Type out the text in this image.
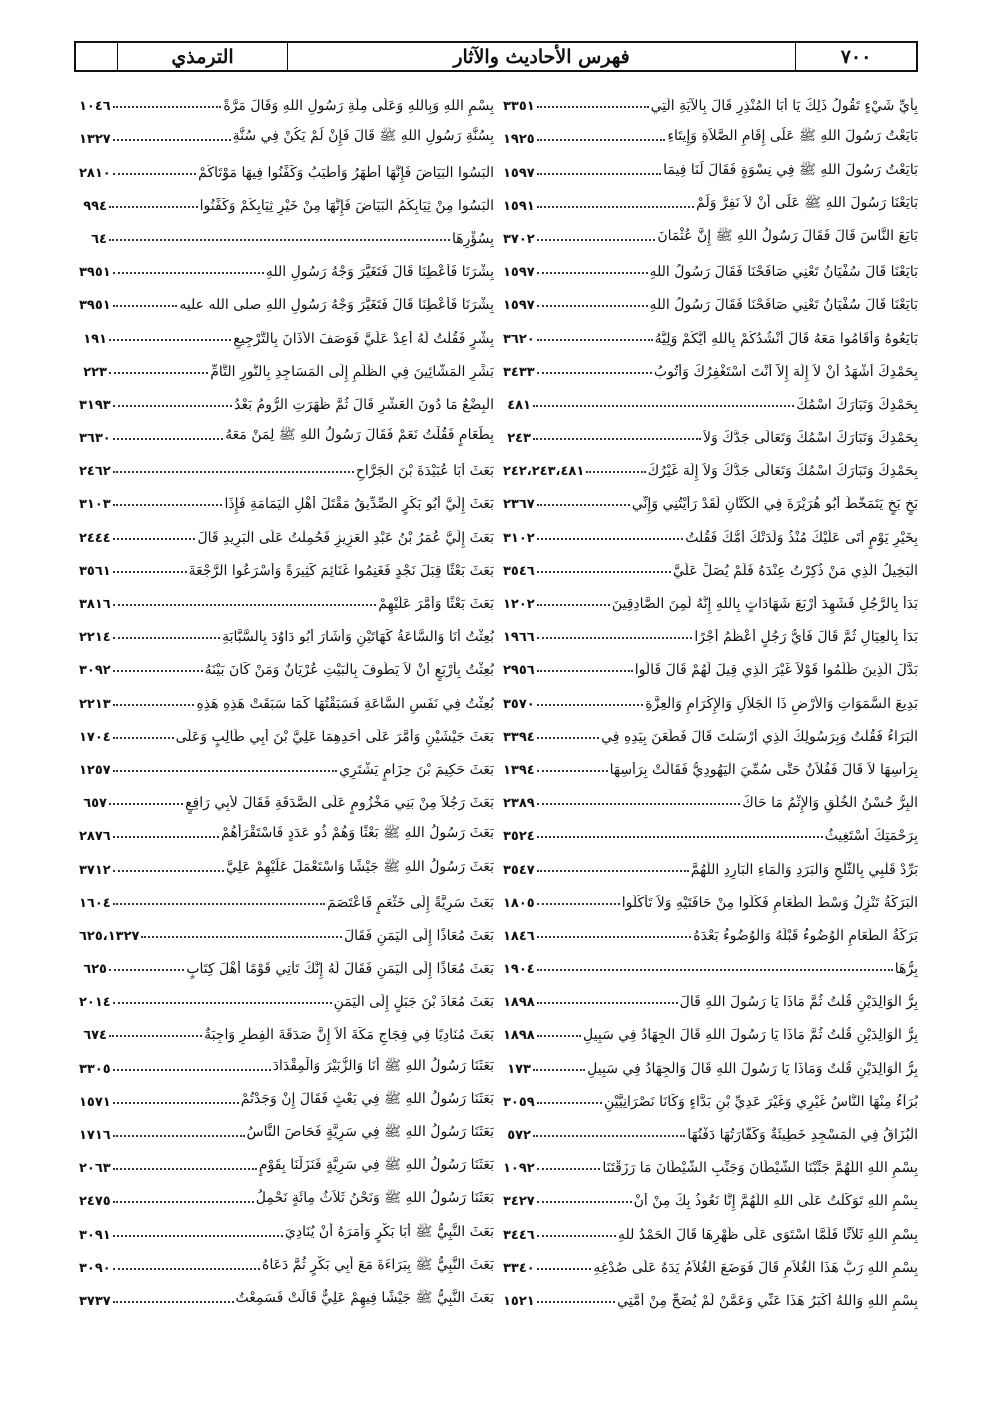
الترمذي	فهرس الأحاديث والآثار	٧٠٠
٣٣٥١	بِأَيِّ شَيْءٍ تَقُولُ ذَلِكَ يَا أَبَا الْمُنْذِرِ قَالَ بِالآيَةِ الَّتِي
١٩٢٥	بَايَعْتُ رَسُولَ اللهِ ﷺ عَلَى إِقَامِ الصَّلاَةِ وَإِيتَاءِ
١٥٩٧	بَايَعْتُ رَسُولَ اللهِ ﷺ فِي نِسْوَةٍ فَقَالَ لَنَا فِيمَا
١٥٩١	بَايَعْنَا رَسُولَ اللهِ ﷺ عَلَى أَنْ لاَ نَفِرَّ وَلَمْ
٣٧٠٢	بَايَعَ النَّاسَ قَالَ فَقَالَ رَسُولُ اللهِ ﷺ إِنَّ عُثْمَانَ
١٥٩٧	بَايَعْنَا قَالَ سُفْيَانُ تَعْنِي صَافَحْنَا فَقَالَ رَسُولُ اللهِ
١٥٩٧	بَايَعْنَا قَالَ سُفْيَانُ تَعْنِي صَافَحْنَا فَقَالَ رَسُولُ اللهِ
٣٦٢٠	بَايَعُوهُ وَأَقَامُوا مَعَهُ قَالَ أَنْشُدُكُمْ بِاللهِ أَيُّكُمْ وَلِيُّهُ
٣٤٣٣	بِحَمْدِكَ أَشْهَدُ أَنْ لاَ إِلَهَ إِلاَّ أَنْتَ أَسْتَغْفِرُكَ وَأَتُوبُ
٤٨١	بِحَمْدِكَ وَتَبَارَكَ اسْمُكَ
٢٤٣	بِحَمْدِكَ وَتَبَارَكَ اسْمُكَ وَتَعَالَى جَدُّكَ وَلاَ
٢٤٢،٢٤٣،٤٨١	بِحَمْدِكَ وَتَبَارَكَ اسْمُكَ وَتَعَالَى جَدُّكَ وَلاَ إِلَهَ غَيْرُكَ
٢٣٦٧	بَخٍ بَخٍ يَتَمَخَّطُ أَبُو هُرَيْرَةَ فِي الْكَتَّانِ لَقَدْ رَأَيْتُنِي وَإِنِّي
٣١٠٢	بِخَيْرِ يَوْمٍ أَتَى عَلَيْكَ مُنْذُ وَلَدَتْكَ أُمُّكَ فَقُلْتُ
٣٥٤٦	الْبَخِيلُ الَّذِي مَنْ ذُكِرْتُ عِنْدَهُ فَلَمْ يُصَلِّ عَلَيَّ
١٢٠٢	بَدَأَ بِالرَّجُلِ فَشَهِدَ أَرْبَعَ شَهَادَاتٍ بِاللهِ إِنَّهُ لَمِنَ الصَّادِقِينَ
١٩٦٦	بَدَأَ بِالْعِيَالِ ثُمَّ قَالَ فَأَيُّ رَجُلٍ أَعْظَمُ أَجْرًا
٢٩٥٦	بَدَّلَ الَّذِينَ ظَلَمُوا قَوْلاً غَيْرَ الَّذِي قِيلَ لَهُمْ قَالَ قَالُوا
٣٥٧٠	بَدِيعَ السَّمَوَاتِ وَالأَرْضِ ذَا الْجَلاَلِ وَالإِكْرَامِ وَالْعِزَّةِ
٣٣٩٤	الْبَرَاءُ فَقُلْتُ وَبِرَسُولِكَ الَّذِي أَرْسَلْتَ قَالَ فَطَعَنَ بِيَدِهِ فِي
١٣٩٤	بِرَأْسِهَا لاَ قَالَ فَفُلاَنٌ حَتَّى سُمِّيَ الْيَهُودِيُّ فَقَالَتْ بِرَأْسِهَا
٢٣٨٩	الْبِرُّ حُسْنُ الْخُلُقِ وَالإِثْمُ مَا حَاكَ
٣٥٢٤	بِرَحْمَتِكَ أَسْتَغِيثُ
٣٥٤٧	بَرِّدْ قَلْبِي بِالثَّلْجِ وَالْبَرَدِ وَالْمَاءِ الْبَارِدِ اللَّهُمَّ
١٨٠٥	الْبَرَكَةُ تَنْزِلُ وَسْطَ الطَّعَامِ فَكُلُوا مِنْ حَافَتَيْهِ وَلاَ تَأْكُلُوا
١٨٤٦	بَرَكَةُ الطَّعَامِ الْوُضُوءُ قَبْلَهُ وَالْوُضُوءُ بَعْدَهُ
١٩٠٤	بِرُّهَا
١٨٩٨	بِرُّ الْوَالِدَيْنِ قُلْتُ ثُمَّ مَاذَا يَا رَسُولَ اللهِ قَالَ
١٨٩٨	بِرُّ الْوَالِدَيْنِ قُلْتُ ثُمَّ مَاذَا يَا رَسُولَ اللهِ قَالَ الْجِهَادُ فِي سَبِيلِ
١٧٣	بِرُّ الْوَالِدَيْنِ قُلْتُ وَمَاذَا يَا رَسُولَ اللهِ قَالَ وَالْجِهَادُ فِي سَبِيلِ
٣٠٥٩	بُرَآءُ مِنْهَا النَّاسُ غَيْرِي وَغَيْرَ عَدِيِّ بْنِ بَدَّاءٍ وَكَانَا نَصْرَانِيَّيْنِ
٥٧٢	الْبُزَاقُ فِي الْمَسْجِدِ خَطِيئَةٌ وَكَفَّارَتُهَا دَفْنُهَا
١٠٩٢	بِسْمِ اللهِ اللَّهُمَّ جَنِّبْنَا الشَّيْطَانَ وَجَنِّبِ الشَّيْطَانَ مَا رَزَقْتَنَا
٣٤٢٧	بِسْمِ اللهِ تَوَكَّلْتُ عَلَى اللهِ اللَّهُمَّ إِنَّا نَعُوذُ بِكَ مِنْ أَنْ
٣٤٤٦	بِسْمِ اللهِ ثَلاَثًا فَلَمَّا اسْتَوَى عَلَى ظَهْرِهَا قَالَ الْحَمْدُ للهِ
٣٣٤٠	بِسْمِ اللهِ رَبُّ هَذَا الْغُلاَمِ قَالَ فَوَضَعَ الْغُلاَمُ يَدَهُ عَلَى صُدْغِهِ
١٥٢١	بِسْمِ اللهِ وَاللهُ أَكْبَرُ هَذَا عَنِّي وَعَمَّنْ لَمْ يُضَحِّ مِنْ أُمَّتِي
١٠٤٦	بِسْمِ اللهِ وَبِاللهِ وَعَلَى مِلَّةِ رَسُولِ اللهِ وَقَالَ مَرَّةً
١٣٢٧	بِسُنَّةِ رَسُولِ اللهِ ﷺ قَالَ فَإِنْ لَمْ يَكُنْ فِي سُنَّةِ
٢٨١٠	الْبَسُوا الْبَيَاضَ فَإِنَّهَا أَطْهَرُ وَأَطْيَبُ وَكَفِّنُوا فِيهَا مَوْتَاكُمْ
٩٩٤	الْبَسُوا مِنْ ثِيَابِكُمُ الْبَيَاضَ فَإِنَّهَا مِنْ خَيْرِ ثِيَابِكُمْ وَكَفِّنُوا
٦٤	بِسُؤْرِهَا
٣٩٥١	بِشْرَنَا فَأَعْطِنَا قَالَ فَتَغَيَّرَ وَجْهُ رَسُولِ اللهِ
٣٩٥١	بِشْرَنَا فَأَعْطِنَا قَالَ فَتَغَيَّرَ وَجْهُ رَسُولِ اللهِ صلى الله عليه
١٩١	بِشْرٍ فَقُلْتُ لَهُ أَعِدْ عَلَيَّ فَوَصَفَ الأَذَانَ بِالتَّرْجِيعِ
٢٢٣	بَشِّرِ الْمَشَّائِينَ فِي الظُّلَمِ إِلَى الْمَسَاجِدِ بِالنُّورِ التَّامِّ
٣١٩٣	الْبِضْعُ مَا دُونَ الْعَشْرِ قَالَ ثُمَّ ظَهَرَتِ الرُّومُ بَعْدُ
٣٦٣٠	بِطَعَامٍ فَقُلْتُ نَعَمْ فَقَالَ رَسُولُ اللهِ ﷺ لِمَنْ مَعَهُ
٢٤٦٢	بَعَثَ أَبَا عُبَيْدَةَ بْنَ الْجَرَّاحِ
٣١٠٣	بَعَثَ إِلَيَّ أَبُو بَكْرٍ الصِّدِّيقُ مَقْتَلَ أَهْلِ الْيَمَامَةِ فَإِذَا
٢٤٤٤	بَعَثَ إِلَيَّ عُمَرُ بْنُ عَبْدِ الْعَزِيزِ فَحُمِلْتُ عَلَى الْبَرِيدِ قَالَ
٣٥٦١	بَعَثَ بَعْثًا قِبَلَ نَجْدٍ فَغَنِمُوا غَنَائِمَ كَثِيرَةً وَأَسْرَعُوا الرَّجْعَةَ
٣٨١٦	بَعَثَ بَعْثًا وَأَمَّرَ عَلَيْهِمْ
٢٢١٤	بُعِثْتُ أَنَا وَالسَّاعَةُ كَهَاتَيْنِ وَأَشَارَ أَبُو دَاوُدَ بِالسَّبَّابَةِ
٣٠٩٢	بُعِثْتُ بِأَرْبَعٍ أَنْ لاَ يَطُوفَ بِالْبَيْتِ عُرْيَانٌ وَمَنْ كَانَ بَيْنَهُ
٢٢١٣	بُعِثْتُ فِي نَفَسِ السَّاعَةِ فَسَبَقْتُهَا كَمَا سَبَقَتْ هَذِهِ هَذِهِ
١٧٠٤	بَعَثَ جَيْشَيْنِ وَأَمَّرَ عَلَى أَحَدِهِمَا عَلِيَّ بْنَ أَبِي طَالِبٍ وَعَلَى
١٢٥٧	بَعَثَ حَكِيمَ بْنَ حِزَامٍ يَشْتَرِي
٦٥٧	بَعَثَ رَجُلاً مِنْ بَنِي مَخْزُومٍ عَلَى الصَّدَقَةِ فَقَالَ لأَبِي رَافِعٍ
٢٨٧٦	بَعَثَ رَسُولُ اللهِ ﷺ بَعْثًا وَهُمْ ذُو عَدَدٍ فَاسْتَقْرَأَهُمْ
٣٧١٢	بَعَثَ رَسُولُ اللهِ ﷺ جَيْشًا وَاسْتَعْمَلَ عَلَيْهِمْ عَلِيَّ
١٦٠٤	بَعَثَ سَرِيَّةً إِلَى خَثْعَمٍ فَاعْتَصَمَ
٦٢٥،١٣٢٧	بَعَثَ مُعَاذًا إِلَى الْيَمَنِ فَقَالَ
٦٢٥	بَعَثَ مُعَاذًا إِلَى الْيَمَنِ فَقَالَ لَهُ إِنَّكَ تَأْتِي قَوْمًا أَهْلَ كِتَابٍ
٢٠١٤	بَعَثَ مُعَاذَ بْنَ جَبَلٍ إِلَى الْيَمَنِ
٦٧٤	بَعَثَ مُنَادِيًا فِي فِجَاجِ مَكَّةَ أَلاَ إِنَّ صَدَقَةَ الْفِطْرِ وَاجِبَةٌ
٣٣٠٥	بَعَثَنَا رَسُولُ اللهِ ﷺ أَنَا وَالزُّبَيْرَ وَالْمِقْدَادَ
١٥٧١	بَعَثَنَا رَسُولُ اللهِ ﷺ فِي بَعْثٍ فَقَالَ إِنْ وَجَدْتُمْ
١٧١٦	بَعَثَنَا رَسُولُ اللهِ ﷺ فِي سَرِيَّةٍ فَحَاصَ النَّاسُ
٢٠٦٣	بَعَثَنَا رَسُولُ اللهِ ﷺ فِي سَرِيَّةٍ فَنَزَلْنَا بِقَوْمٍ
٢٤٧٥	بَعَثَنَا رَسُولُ اللهِ ﷺ وَنَحْنُ ثَلاَثُ مِائَةٍ نَحْمِلُ
٣٠٩١	بَعَثَ النَّبِيُّ ﷺ أَبَا بَكْرٍ وَأَمَرَهُ أَنْ يُنَادِيَ
٣٠٩٠	بَعَثَ النَّبِيُّ ﷺ بِبَرَاءَةَ مَعَ أَبِي بَكْرٍ ثُمَّ دَعَاهُ
٣٧٣٧	بَعَثَ النَّبِيُّ ﷺ جَيْشًا فِيهِمْ عَلِيٌّ قَالَتْ فَسَمِعْتُ
